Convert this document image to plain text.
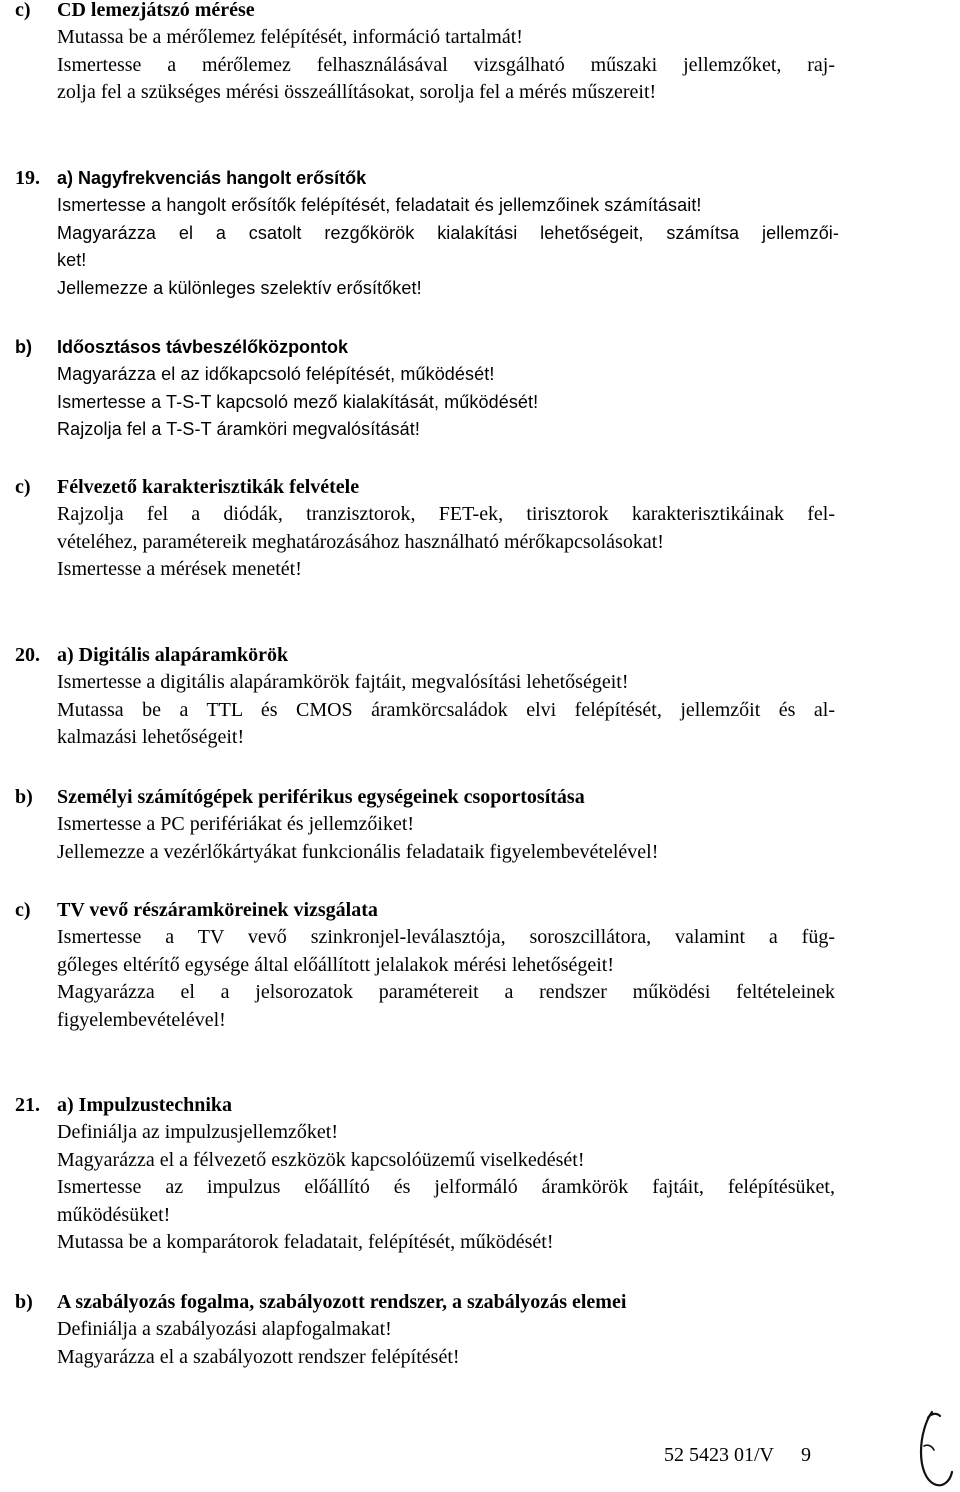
c) CD lemezjátszó mérése
Mutassa be a mérőlemez felépítését, információ tartalmát!
Ismertesse a mérőlemez felhasználásával vizsgálható műszaki jellemzőket, raj-
zolja fel a szükséges mérési összeállításokat, sorolja fel a mérés műszereit!
19. a) Nagyfrekvenciás hangolt erősítők
Ismertesse a hangolt erősítők felépítését, feladatait és jellemzőinek számításait!
Magyarázza el a csatolt rezgőkörök kialakítási lehetőségeit, számítsa jellemzői-
ket!
Jellemezze a különleges szelektív erősítőket!
b) Időosztásos távbeszélőközpontok
Magyarázza el az időkapcsoló felépítését, működését!
Ismertesse a T-S-T kapcsoló mező kialakítását, működését!
Rajzolja fel a T-S-T áramköri megvalósítását!
c) Félvezető karakterisztikák felvétele
Rajzolja fel a diódák, tranzisztorok, FET-ek, tirisztorok karakterisztikáinak fel-
vételéhez, paramétereik meghatározásához használható mérőkapcsolásokat!
Ismertesse a mérések menetét!
20. a) Digitális alapáramkörök
Ismertesse a digitális alapáramkörök fajtáit, megvalósítási lehetőségeit!
Mutassa be a TTL és CMOS áramkörcsaládok elvi felépítését, jellemzőit és al-
kalmazási lehetőségeit!
b) Személyi számítógépek periférikus egységeinek csoportosítása
Ismertesse a PC perifériákat és jellemzőiket!
Jellemezze a vezérlőkártyákat funkcionális feladataik figyelembevételével!
c) TV vevő részáramköreinek vizsgálata
Ismertesse a TV vevő szinkronjel-leválasztója, soroszcillátora, valamint a füg-
gőleges eltérítő egysége által előállított jelalakok mérési lehetőségeit!
Magyarázza el a jelsorozatok paramétereit a rendszer működési feltételeinek
figyelembevételével!
21. a) Impulzustechnika
Definiálja az impulzusjellemzőket!
Magyarázza el a félvezető eszközök kapcsolóüzemű viselkedését!
Ismertesse az impulzus előállító és jelformáló áramkörök fajtáit, felépítésüket,
működésüket!
Mutassa be a komparátorok feladatait, felépítését, működését!
b) A szabályozás fogalma, szabályozott rendszer, a szabályozás elemei
Definiálja a szabályozási alapfogalmakat!
Magyarázza el a szabályozott rendszer felépítését!
52 5423 01/V 9
